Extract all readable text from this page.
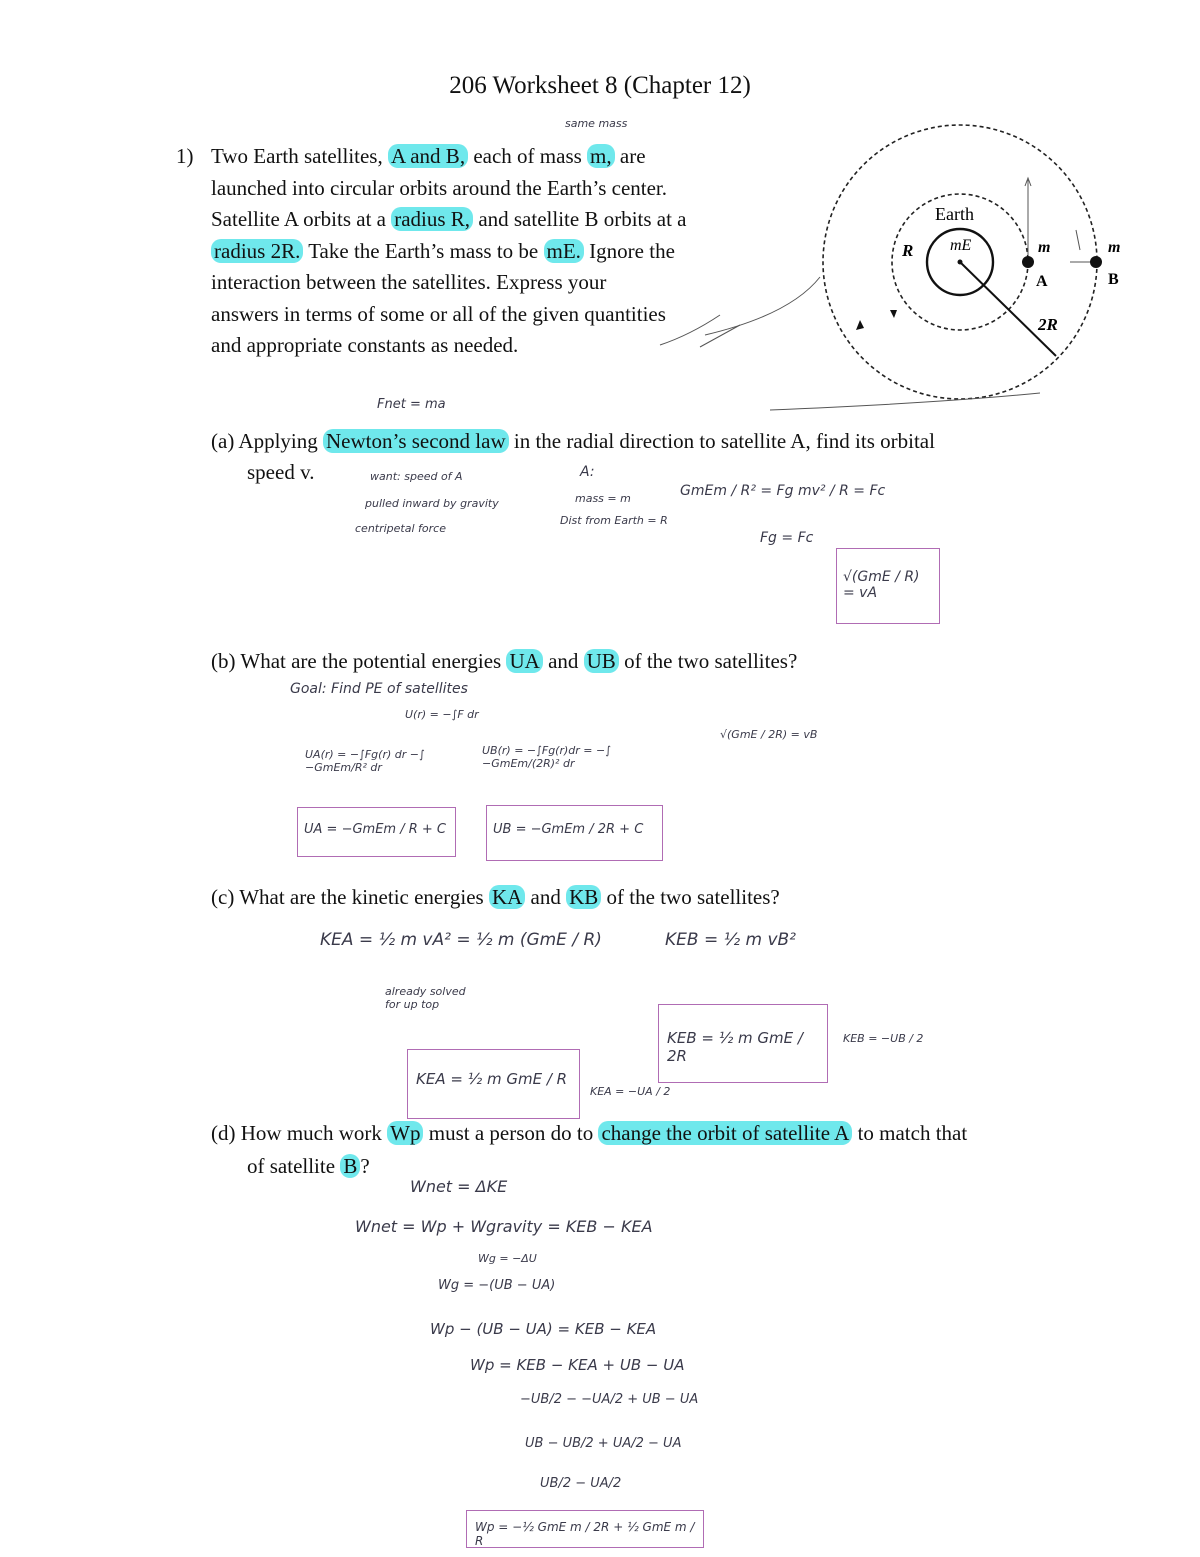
206 Worksheet 8 (Chapter 12)
1) Two Earth satellites, A and B, each of mass m, are
launched into circular orbits around the Earth’s center.
Satellite A orbits at a radius R, and satellite B orbits at a
radius 2R. Take the Earth’s mass to be mE. Ignore the
interaction between the satellites. Express your
answers in terms of some or all of the given quantities
and appropriate constants as needed.
Earth
mE
R
2R
A	B
m	m
same mass
Fnet = ma
(a) Applying Newton’s second law in the radial direction to satellite A, find its orbital
speed v.	want: speed of A
pulled inward by gravity
centripetal force
A:
mass = m
Dist from Earth = R
GmEm / R² = Fg mv² / R = Fc
Fg = Fc
√(GmE / R) = vA
(b) What are the potential energies UA and UB of the two satellites?
Goal: Find PE of satellites
U(r) = −∫F dr
UA(r) = −∫Fg(r) dr −∫ −GmEm/R² dr
UB(r) = −∫Fg(r)dr = −∫ −GmEm/(2R)² dr
√(GmE / 2R) = vB
UA = −GmEm / R + C	UB = −GmEm / 2R + C
(c) What are the kinetic energies KA and KB of the two satellites?
KEA = ½ m vA² = ½ m (GmE / R)
already solved for up top
KEB = ½ m vB²
KEB = ½ m GmE / 2R
KEB = −UB / 2
KEA = ½ m GmE / R
KEA = −UA / 2
(d) How much work Wp must a person do to change the orbit of satellite A to match that
of satellite B ?
Wnet = ΔKE
Wnet = Wp + Wgravity = KEB − KEA
Wg = −ΔU
Wg = −(UB − UA)
Wp − (UB − UA) = KEB − KEA
Wp = KEB − KEA + UB − UA
−UB/2 − −UA/2 + UB − UA
UB − UB/2 + UA/2 − UA
UB/2 − UA/2
Wp = −½ GmE m / 2R + ½ GmE m / R
